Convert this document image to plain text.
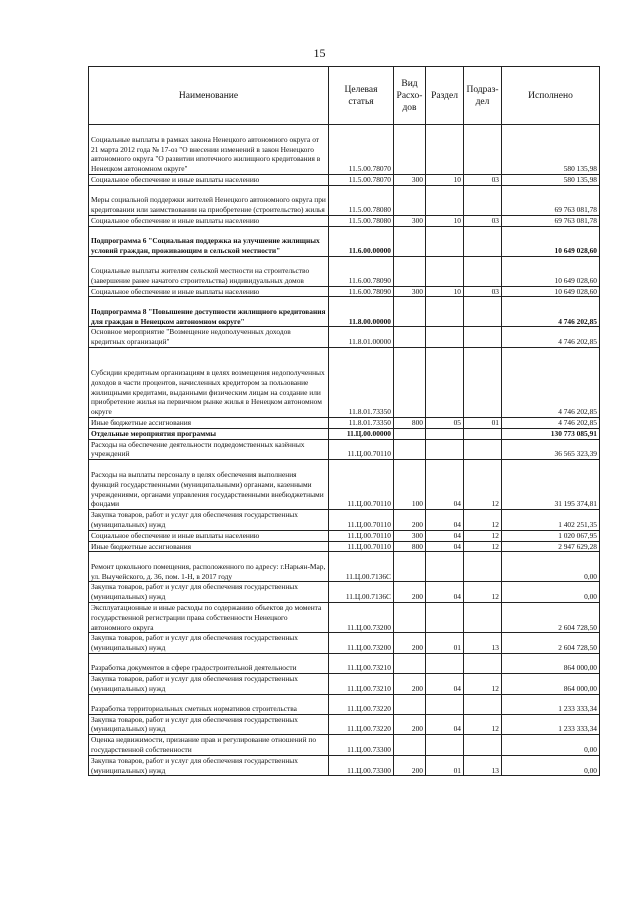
15
Наименование	Целевая статья	Вид Расхо- дов	Раздел	Подраз- дел	Исполнено
Социальные выплаты в рамках закона Ненецкого автономного округа от 21 марта 2012 года № 17-оз "О внесении изменений в закон Ненецкого автономного округа "О развитии ипотечного жилищного кредитования в Ненецком автономном округе"	11.5.00.78070				580 135,98
Социальное обеспечение и иные выплаты населению	11.5.00.78070	300	10	03	580 135,98
Меры социальной поддержки жителей Ненецкого автономного округа при кредитовании или заимствовании на приобретение (строительство) жилья	11.5.00.78080				69 763 081,78
Социальное обеспечение и иные выплаты населению	11.5.00.78080	300	10	03	69 763 081,78
Подпрограмма 6 "Социальная поддержка на улучшение жилищных условий граждан, проживающим в сельской местности"	11.6.00.00000				10 649 028,60
Социальные выплаты жителям сельской местности на строительство (завершение ранее начатого строительства) индивидуальных домов	11.6.00.78090				10 649 028,60
Социальное обеспечение и иные выплаты населению	11.6.00.78090	300	10	03	10 649 028,60
Подпрограмма 8 "Повышение доступности жилищного кредитования для граждан в Ненецком автономном округе"	11.8.00.00000				4 746 202,85
Основное мероприятие "Возмещение недополученных доходов кредитных организаций"	11.8.01.00000				4 746 202,85
Субсидии кредитным организациям в целях возмещения недополученных доходов в части процентов, начисленных кредитором за пользование жилищными кредитами, выданными физическим лицам на создание или приобретение жилья на первичном рынке жилья в Ненецком автономном округе	11.8.01.73350				4 746 202,85
Иные бюджетные ассигнования	11.8.01.73350	800	05	01	4 746 202,85
Отдельные мероприятия программы	11.Ц.00.00000				130 773 085,91
Расходы на обеспечение деятельности подведомственных казённых учреждений	11.Ц.00.70110				36 565 323,39
Расходы на выплаты персоналу в целях обеспечения выполнения функций государственными (муниципальными) органами, казенными учреждениями, органами управления государственными внебюджетными фондами	11.Ц.00.70110	100	04	12	31 195 374,81
Закупка товаров, работ и услуг для обеспечения государственных (муниципальных) нужд	11.Ц.00.70110	200	04	12	1 402 251,35
Социальное обеспечение и иные выплаты населению	11.Ц.00.70110	300	04	12	1 020 067,95
Иные бюджетные ассигнования	11.Ц.00.70110	800	04	12	2 947 629,28
Ремонт цокольного помещения, расположенного по адресу: г.Нарьян-Мар, ул. Выучейского, д. 36, пом. 1-Н, в 2017 году	11.Ц.00.7136С				0,00
Закупка товаров, работ и услуг для обеспечения государственных (муниципальных) нужд	11.Ц.00.7136С	200	04	12	0,00
Эксплуатационные и иные расходы по содержанию объектов до момента государственной регистрации права собственности Ненецкого автономного округа	11.Ц.00.73200				2 604 728,50
Закупка товаров, работ и услуг для обеспечения государственных (муниципальных) нужд	11.Ц.00.73200	200	01	13	2 604 728,50
Разработка документов в сфере градостроительной деятельности	11.Ц.00.73210				864 000,00
Закупка товаров, работ и услуг для обеспечения государственных (муниципальных) нужд	11.Ц.00.73210	200	04	12	864 000,00
Разработка территориальных сметных нормативов строительства	11.Ц.00.73220				1 233 333,34
Закупка товаров, работ и услуг для обеспечения государственных (муниципальных) нужд	11.Ц.00.73220	200	04	12	1 233 333,34
Оценка недвижимости, признание прав и регулирование отношений по государственной собственности	11.Ц.00.73300				0,00
Закупка товаров, работ и услуг для обеспечения государственных (муниципальных) нужд	11.Ц.00.73300	200	01	13	0,00
